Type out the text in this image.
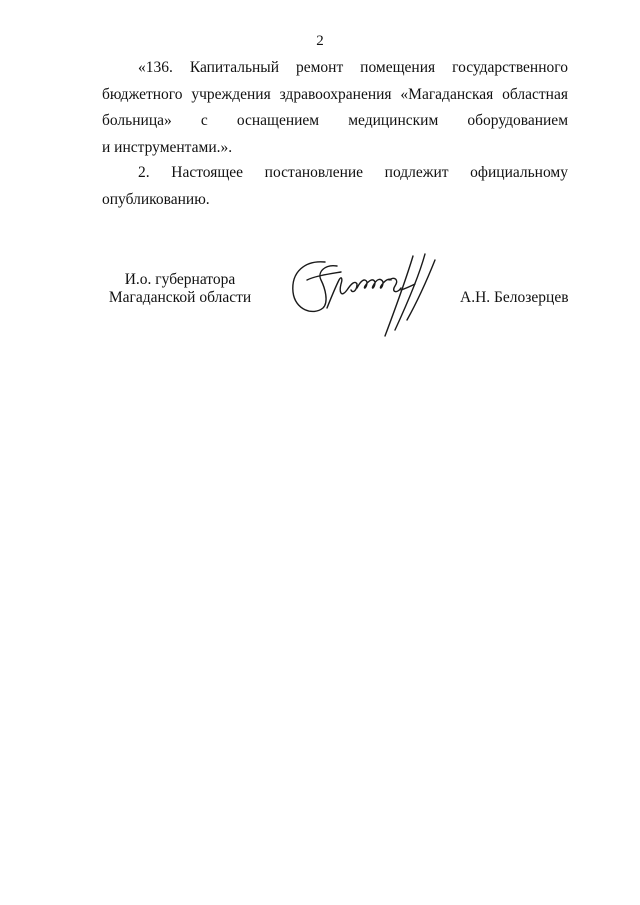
2
«136. Капитальный ремонт помещения государственного
бюджетного учреждения здравоохранения «Магаданская областная
больница» с оснащением медицинским оборудованием
и инструментами.».
2. Настоящее постановление подлежит официальному
опубликованию.
И.о. губернатора
Магаданской области	А.Н. Белозерцев
